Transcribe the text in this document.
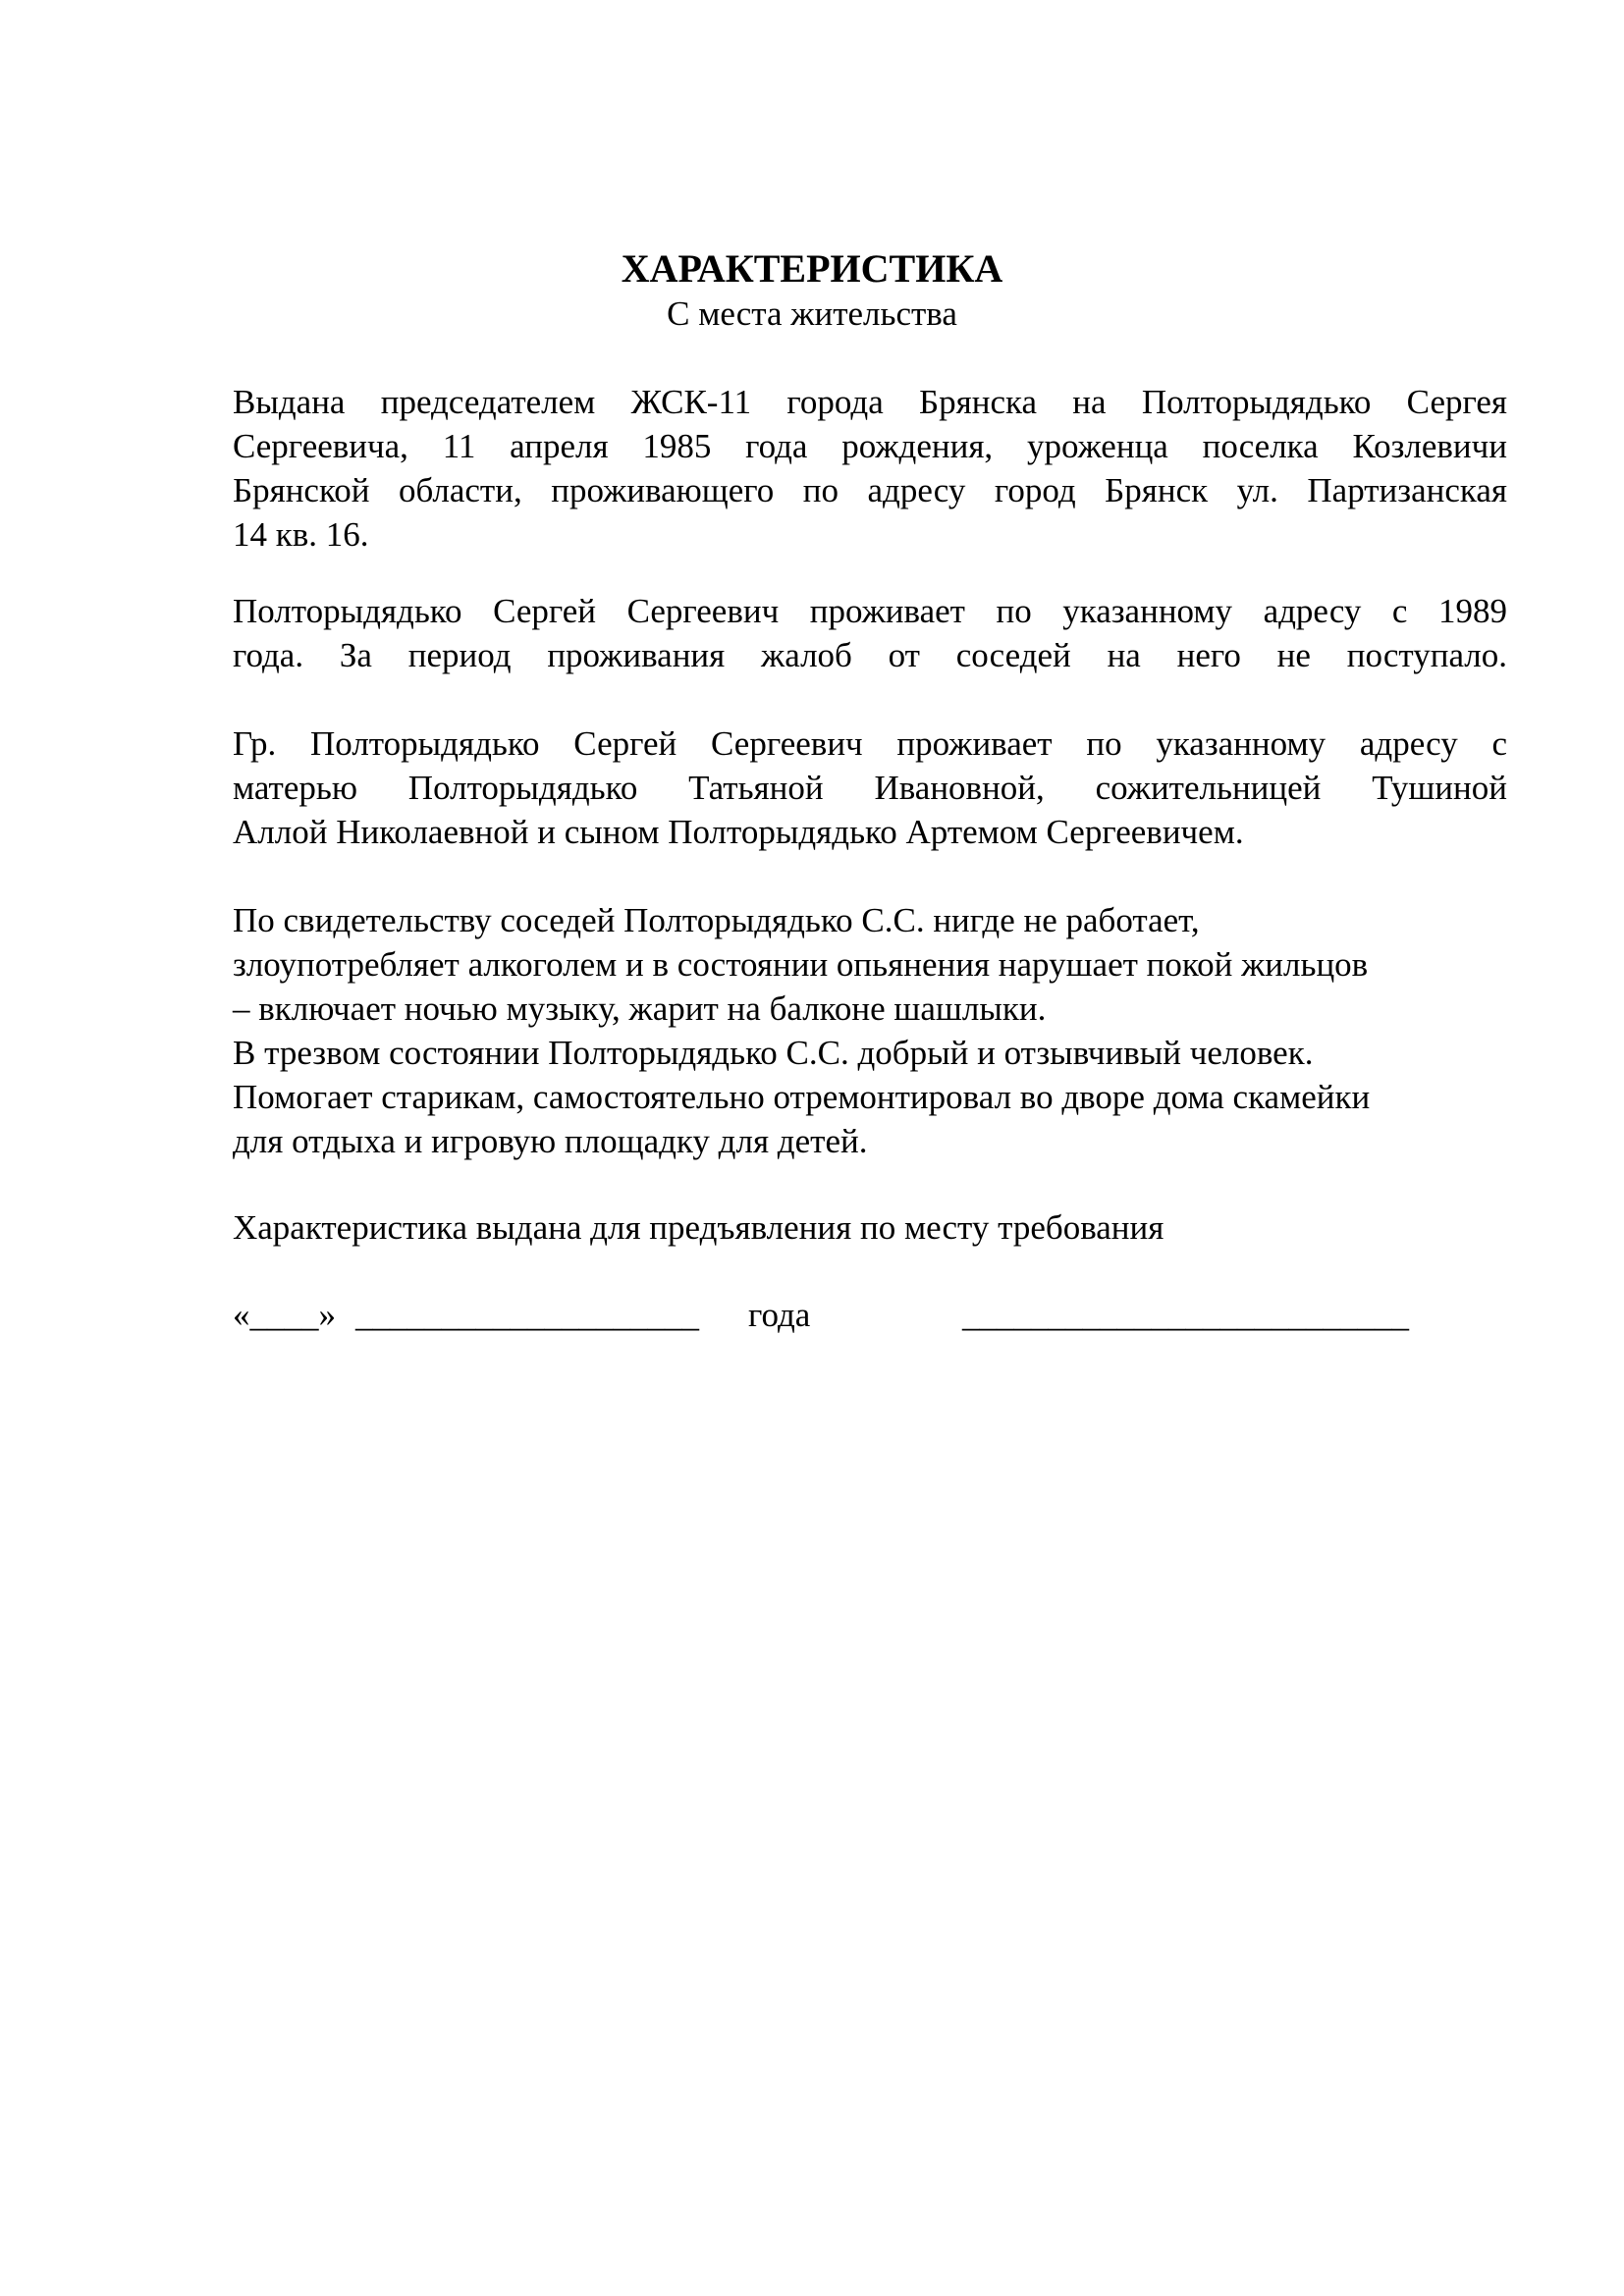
ХАРАКТЕРИСТИКА

С места жительства

Выдана председателем ЖСК-11 города Брянска на Полторыдядько Сергея
Сергеевича, 11 апреля 1985 года рождения, уроженца поселка Козлевичи
Брянской области, проживающего по адресу город Брянск ул. Партизанская
14 кв. 16.
Полторыдядько Сергей Сергеевич проживает по указанному адресу с 1989
года. За период проживания жалоб от соседей на него не поступало.
Гр. Полторыдядько Сергей Сергеевич проживает по указанному адресу с
матерью Полторыдядько Татьяной Ивановной, сожительницей Тушиной
Аллой Николаевной и сыном Полторыдядько Артемом Сергеевичем.
По свидетельству соседей Полторыдядько С.С. нигде не работает,
злоупотребляет алкоголем и в состоянии опьянения нарушает покой жильцов
– включает ночью музыку, жарит на балконе шашлыки.
В трезвом состоянии Полторыдядько С.С. добрый и отзывчивый человек.
Помогает старикам, самостоятельно отремонтировал во дворе дома скамейки
для отдыха и игровую площадку для детей.
Характеристика выдана для предъявления по месту требования
«____» ____________________ года	__________________________
